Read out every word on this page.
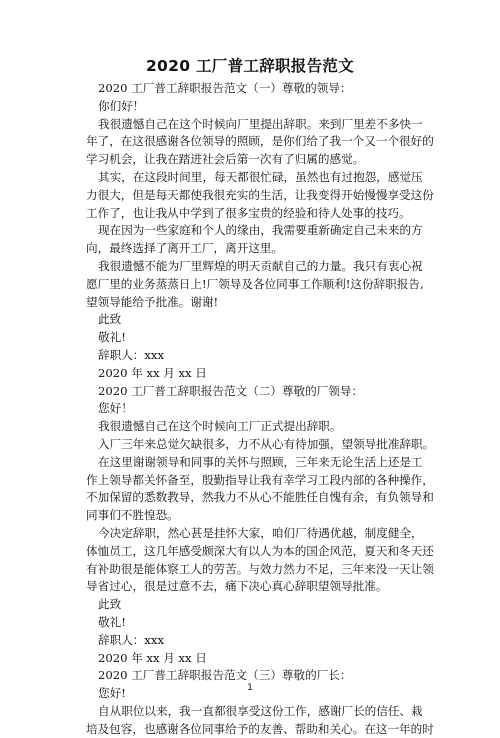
2020 工厂普工辞职报告范文

2020 工厂普工辞职报告范文（一）尊敬的领导：

你们好！

我很遗憾自己在这个时候向厂里提出辞职。来到厂里差不多快一

年了，在这很感谢各位领导的照顾，是你们给了我一个又一个很好的

学习机会，让我在踏进社会后第一次有了归属的感觉。

其实，在这段时间里，每天都很忙碌，虽然也有过抱怨，感觉压

力很大，但是每天都使我很充实的生活，让我变得开始慢慢享受这份

工作了，也让我从中学到了很多宝贵的经验和待人处事的技巧。

现在因为一些家庭和个人的缘由，我需要重新确定自己未来的方

向，最终选择了离开工厂，离开这里。

我很遗憾不能为厂里辉煌的明天贡献自己的力量。我只有衷心祝

愿厂里的业务蒸蒸日上!厂领导及各位同事工作顺利!这份辞职报告,

望领导能给予批准。谢谢!

此致

敬礼!

辞职人：xxx

2020 年 xx 月 xx 日

2020 工厂普工辞职报告范文（二）尊敬的厂领导：

您好！

我很遗憾自己在这个时候向工厂正式提出辞职。

入厂三年来总觉欠缺很多，力不从心有待加强，望领导批准辞职。

在这里谢谢领导和同事的关怀与照顾，三年来无论生活上还是工

作上领导都关怀备至，殷勤指导让我有幸学习工段内部的各种操作，

不加保留的悉数教导，然我力不从心不能胜任自愧有余，有负领导和

同事们不胜惶恐。

今决定辞职，然心甚是挂怀大家，咱们厂待遇优越，制度健全，

体恤员工，这几年感受颇深大有以人为本的国企风范，夏天和冬天还

有补助很是能体察工人的劳苦。与效力然力不足，三年来没一天让领

导省过心，很是过意不去，痛下决心真心辞职望领导批准。

此致

敬礼!

辞职人：xxx

2020 年 xx 月 xx 日

2020 工厂普工辞职报告范文（三）尊敬的厂长：

您好!

自从职位以来，我一直都很享受这份工作，感谢厂长的信任、栽

培及包容，也感谢各位同事给予的友善、帮助和关心。在这一年的时

1
